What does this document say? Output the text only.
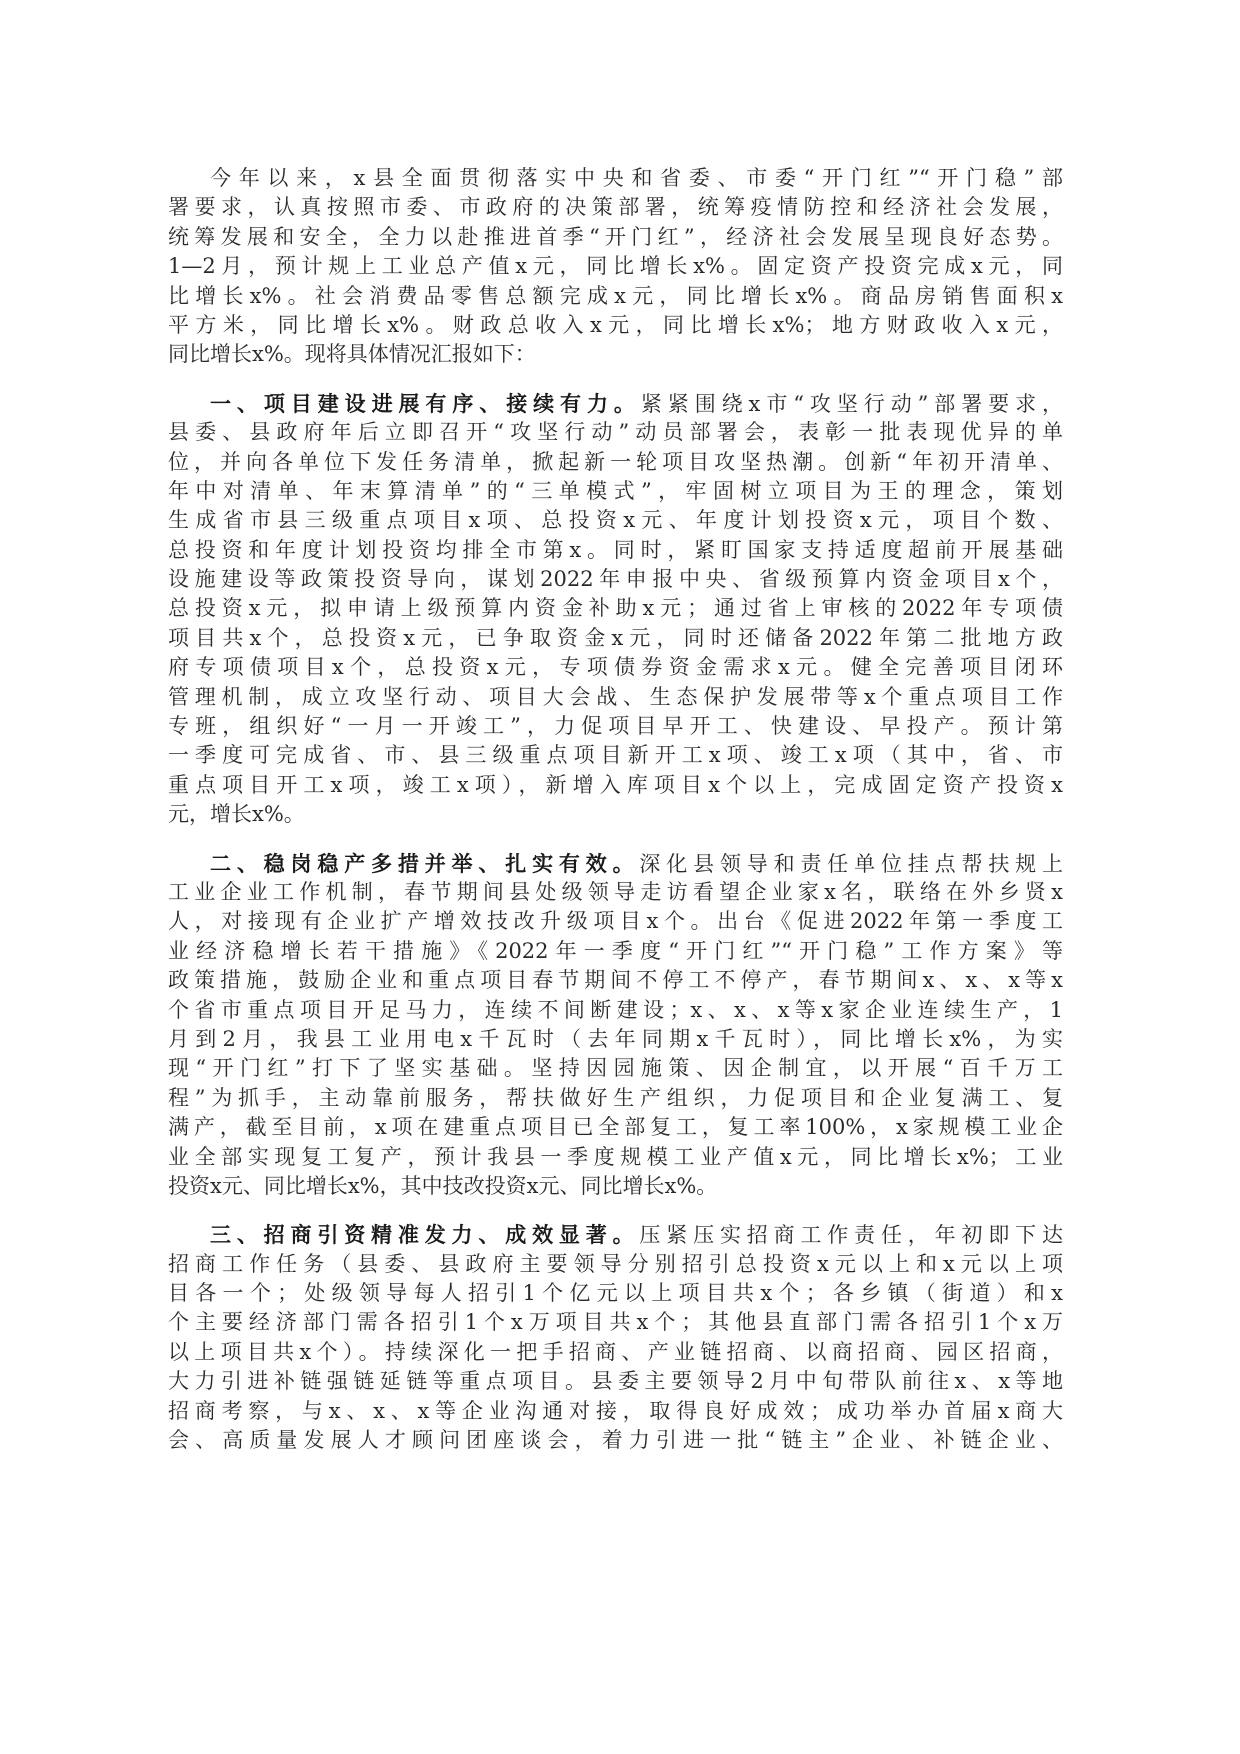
今年以来，x县全面贯彻落实中央和省委、市委“开门红”“开门稳”部
署要求，认真按照市委、市政府的决策部署，统筹疫情防控和经济社会发展，
统筹发展和安全，全力以赴推进首季“开门红”，经济社会发展呈现良好态势。
1—2月，预计规上工业总产值x元，同比增长x%。固定资产投资完成x元，同
比增长x%。社会消费品零售总额完成x元，同比增长x%。商品房销售面积x
平方米，同比增长x%。财政总收入x元，同比增长x%；地方财政收入x元，
同比增长x%。现将具体情况汇报如下：
一、项目建设进展有序、接续有力。紧紧围绕x市“攻坚行动”部署要求，
县委、县政府年后立即召开“攻坚行动”动员部署会，表彰一批表现优异的单
位，并向各单位下发任务清单，掀起新一轮项目攻坚热潮。创新“年初开清单、
年中对清单、年末算清单”的“三单模式”，牢固树立项目为王的理念，策划
生成省市县三级重点项目x项、总投资x元、年度计划投资x元，项目个数、
总投资和年度计划投资均排全市第x。同时，紧盯国家支持适度超前开展基础
设施建设等政策投资导向，谋划2022年申报中央、省级预算内资金项目x个，
总投资x元，拟申请上级预算内资金补助x元；通过省上审核的2022年专项债
项目共x个，总投资x元，已争取资金x元，同时还储备2022年第二批地方政
府专项债项目x个，总投资x元，专项债券资金需求x元。健全完善项目闭环
管理机制，成立攻坚行动、项目大会战、生态保护发展带等x个重点项目工作
专班，组织好“一月一开竣工”，力促项目早开工、快建设、早投产。预计第
一季度可完成省、市、县三级重点项目新开工x项、竣工x项（其中，省、市
重点项目开工x项，竣工x项），新增入库项目x个以上，完成固定资产投资x
元，增长x%。
二、稳岗稳产多措并举、扎实有效。深化县领导和责任单位挂点帮扶规上
工业企业工作机制，春节期间县处级领导走访看望企业家x名，联络在外乡贤x
人，对接现有企业扩产增效技改升级项目x个。出台《促进2022年第一季度工
业经济稳增长若干措施》《2022年一季度“开门红”“开门稳”工作方案》等
政策措施，鼓励企业和重点项目春节期间不停工不停产，春节期间x、x、x等x
个省市重点项目开足马力，连续不间断建设；x、x、x等x家企业连续生产，1
月到2月，我县工业用电x千瓦时（去年同期x千瓦时），同比增长x%，为实
现“开门红”打下了坚实基础。坚持因园施策、因企制宜，以开展“百千万工
程”为抓手，主动靠前服务，帮扶做好生产组织，力促项目和企业复满工、复
满产，截至目前，x项在建重点项目已全部复工，复工率100%，x家规模工业企
业全部实现复工复产，预计我县一季度规模工业产值x元，同比增长x%；工业
投资x元、同比增长x%，其中技改投资x元、同比增长x%。
三、招商引资精准发力、成效显著。压紧压实招商工作责任，年初即下达
招商工作任务（县委、县政府主要领导分别招引总投资x元以上和x元以上项
目各一个；处级领导每人招引1个亿元以上项目共x个；各乡镇（街道）和x
个主要经济部门需各招引1个x万项目共x个；其他县直部门需各招引1个x万
以上项目共x个）。持续深化一把手招商、产业链招商、以商招商、园区招商，
大力引进补链强链延链等重点项目。县委主要领导2月中旬带队前往x、x等地
招商考察，与x、x、x等企业沟通对接，取得良好成效；成功举办首届x商大
会、高质量发展人才顾问团座谈会，着力引进一批“链主”企业、补链企业、
